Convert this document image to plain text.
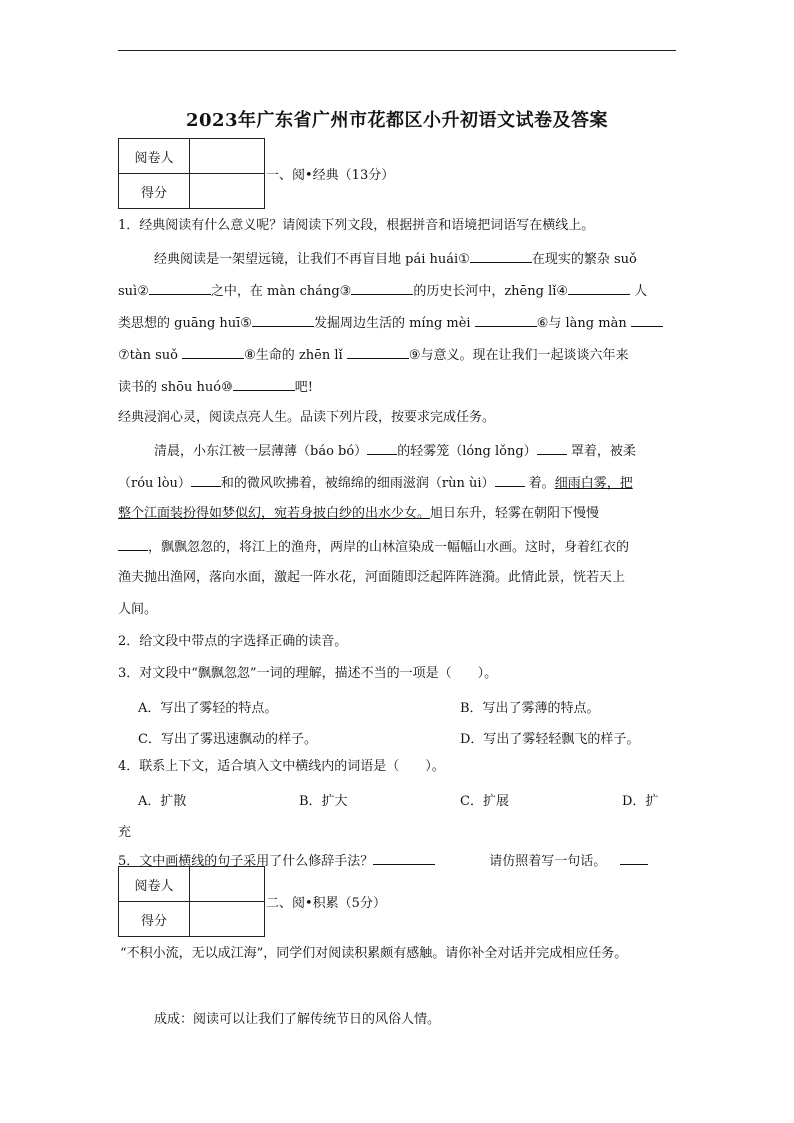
2023年广东省广州市花都区小升初语文试卷及答案
阅卷人	
得分	
一、阅•经典（13分）
1．经典阅读有什么意义呢？请阅读下列文段，根据拼音和语境把词语写在横线上。
经典阅读是一架望远镜，让我们不再盲目地 pái huái①	在现实的繁杂 suǒ
suì②	之中，在 màn cháng③	的历史长河中，zhēng lǐ④	人
类思想的 guāng huī⑤	发掘周边生活的 míng mèi	⑥与 làng màn
⑦tàn suǒ	⑧生命的 zhēn lǐ	⑨与意义。现在让我们一起谈谈六年来
读书的 shōu huó⑩	吧!
经典浸润心灵，阅读点亮人生。品读下列片段，按要求完成任务。
清晨，小东江被一层薄薄（báo bó） 的轻雾笼（lóng lǒng）	罩着，被柔
（róu lòu） 和的微风吹拂着，被绵绵的细雨滋润（rùn ùi）	着。细雨白雾，把
整个江面装扮得如梦似幻，宛若身披白纱的出水少女。旭日东升，轻雾在朝阳下慢慢
，飘飘忽忽的，将江上的渔舟，两岸的山林渲染成一幅幅山水画。这时，身着红衣的
渔夫抛出渔网，落向水面，激起一阵水花，河面随即泛起阵阵涟漪。此情此景，恍若天上
人间。
2．给文段中带点的字选择正确的读音。
3．对文段中“飘飘忽忽”一词的理解，描述不当的一项是（　　）。
A．写出了雾轻的特点。	B．写出了雾薄的特点。
C．写出了雾迅速飘动的样子。	D．写出了雾轻轻飘飞的样子。
4．联系上下文，适合填入文中横线内的词语是（　　）。
A．扩散	B．扩大	C．扩展	D．扩
充
5．文中画横线的句子采用了什么修辞手法？	请仿照着写一句话。
阅卷人	
得分	
二、阅•积累（5分）
“不积小流，无以成江海”，同学们对阅读积累颇有感触。请你补全对话并完成相应任务。
成成：阅读可以让我们了解传统节日的风俗人情。
